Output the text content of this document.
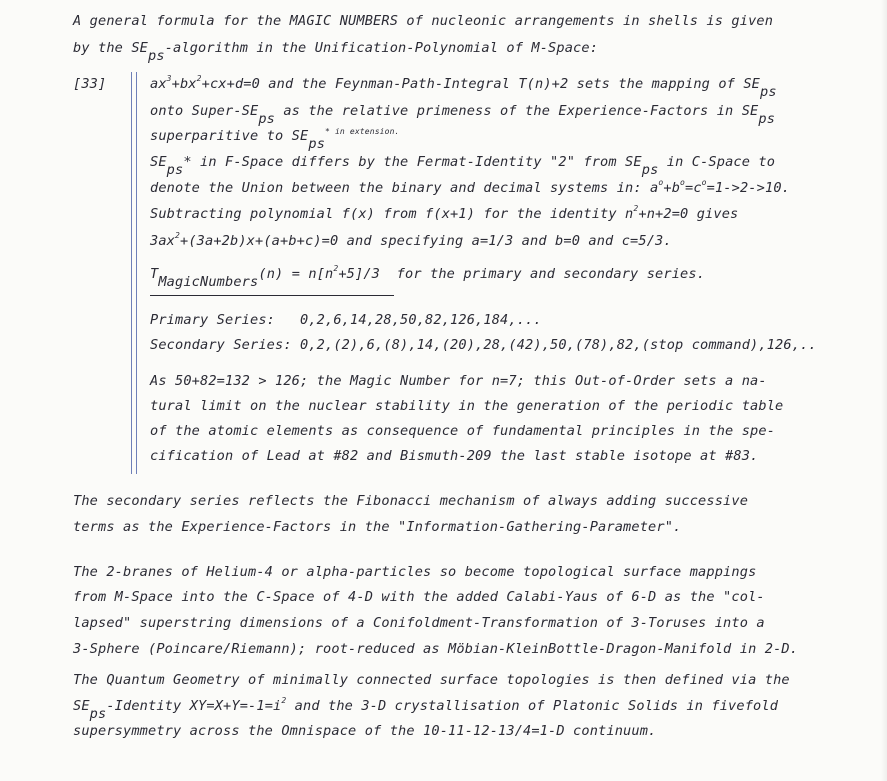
A general formula for the MAGIC NUMBERS of nucleonic arrangements in shells is given
by the SEps-algorithm in the Unification-Polynomial of M-Space:
[33]	$ax^3+bx^2+cx+d=0$ and the Feynman-Path-Integral T(n)+2 sets the mapping of SEps
onto Super-SEps as the relative primeness of the Experience-Factors in SEps
superparitive to SEps$^{* in extension.}$
SEps* in F-Space differs by the Fermat-Identity "2" from SEps in C-Space to
denote the Union between the binary and decimal systems in: $a^o+b^o=c^o=1->2->10$.
Subtracting polynomial f(x) from f(x+1) for the identity $n^2+n+2=0$ gives
$3ax^2+(3a+2b)x+(a+b+c)=0$ and specifying a=1/3 and b=0 and c=5/3.
TMagicNumbers(n) = $n[n^2+5]/3$  for the primary and secondary series.
Primary Series:   0,2,6,14,28,50,82,126,184,...
Secondary Series: 0,2,(2),6,(8),14,(20),28,(42),50,(78),82,(stop command),126,..
As 50+82=132 > 126; the Magic Number for n=7; this Out-of-Order sets a na-
tural limit on the nuclear stability in the generation of the periodic table
of the atomic elements as consequence of fundamental principles in the spe-
cification of Lead at #82 and Bismuth-209 the last stable isotope at #83.
The secondary series reflects the Fibonacci mechanism of always adding successive
terms as the Experience-Factors in the "Information-Gathering-Parameter".
The 2-branes of Helium-4 or alpha-particles so become topological surface mappings
from M-Space into the C-Space of 4-D with the added Calabi-Yaus of 6-D as the "col-
lapsed" superstring dimensions of a Conifoldment-Transformation of 3-Toruses into a
3-Sphere (Poincare/Riemann); root-reduced as Möbian-KleinBottle-Dragon-Manifold in 2-D.
The Quantum Geometry of minimally connected surface topologies is then defined via the
SEps-Identity $XY=X+Y=-1=i^2$ and the 3-D crystallisation of Platonic Solids in fivefold
supersymmetry across the Omnispace of the 10-11-12-13/4=1-D continuum.
